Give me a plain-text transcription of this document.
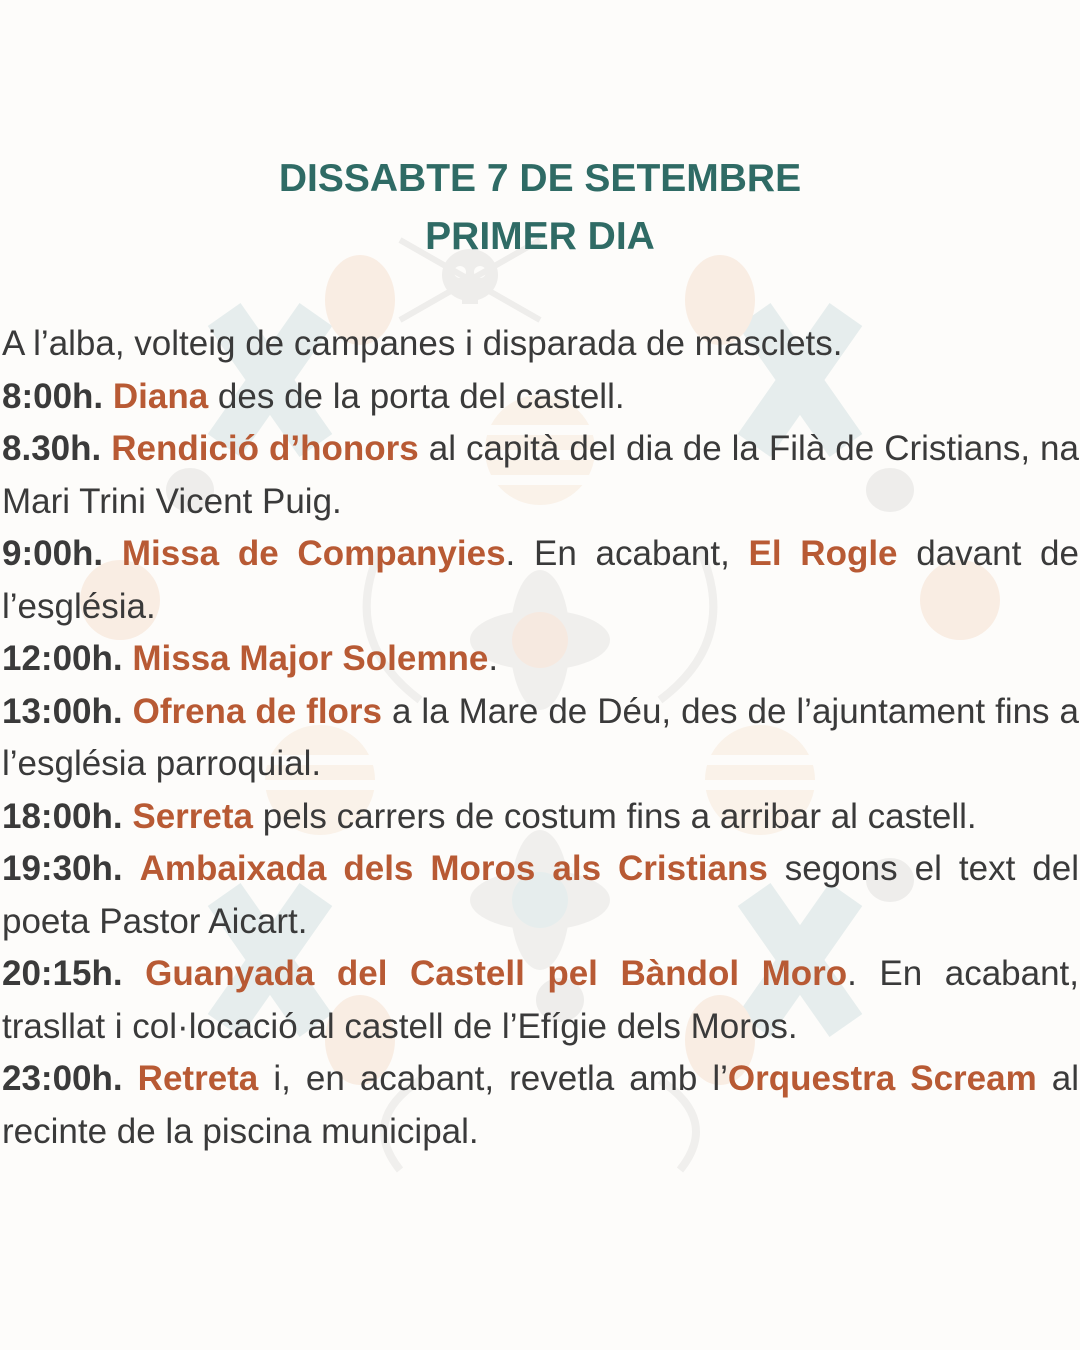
DISSABTE 7 DE SETEMBRE
PRIMER DIA

A l’alba, volteig de campanes i disparada de masclets.

8:00h. Diana des de la porta del castell.

8.30h. Rendició d’honors al capità del dia de la Filà de Cristians, na Mari Trini Vicent Puig.

9:00h. Missa de Companyies. En acabant, El Rogle davant de l’església.

12:00h. Missa Major Solemne.

13:00h. Ofrena de flors a la Mare de Déu, des de l’ajuntament fins a l’església parroquial.

18:00h. Serreta pels carrers de costum fins a arribar al castell.

19:30h. Ambaixada dels Moros als Cristians segons el text del poeta Pastor Aicart.

20:15h. Guanyada del Castell pel Bàndol Moro. En acabant, trasllat i col·locació al castell de l’Efígie dels Moros.

23:00h. Retreta i, en acabant, revetla amb l’Orquestra Scream al recinte de la piscina municipal.
